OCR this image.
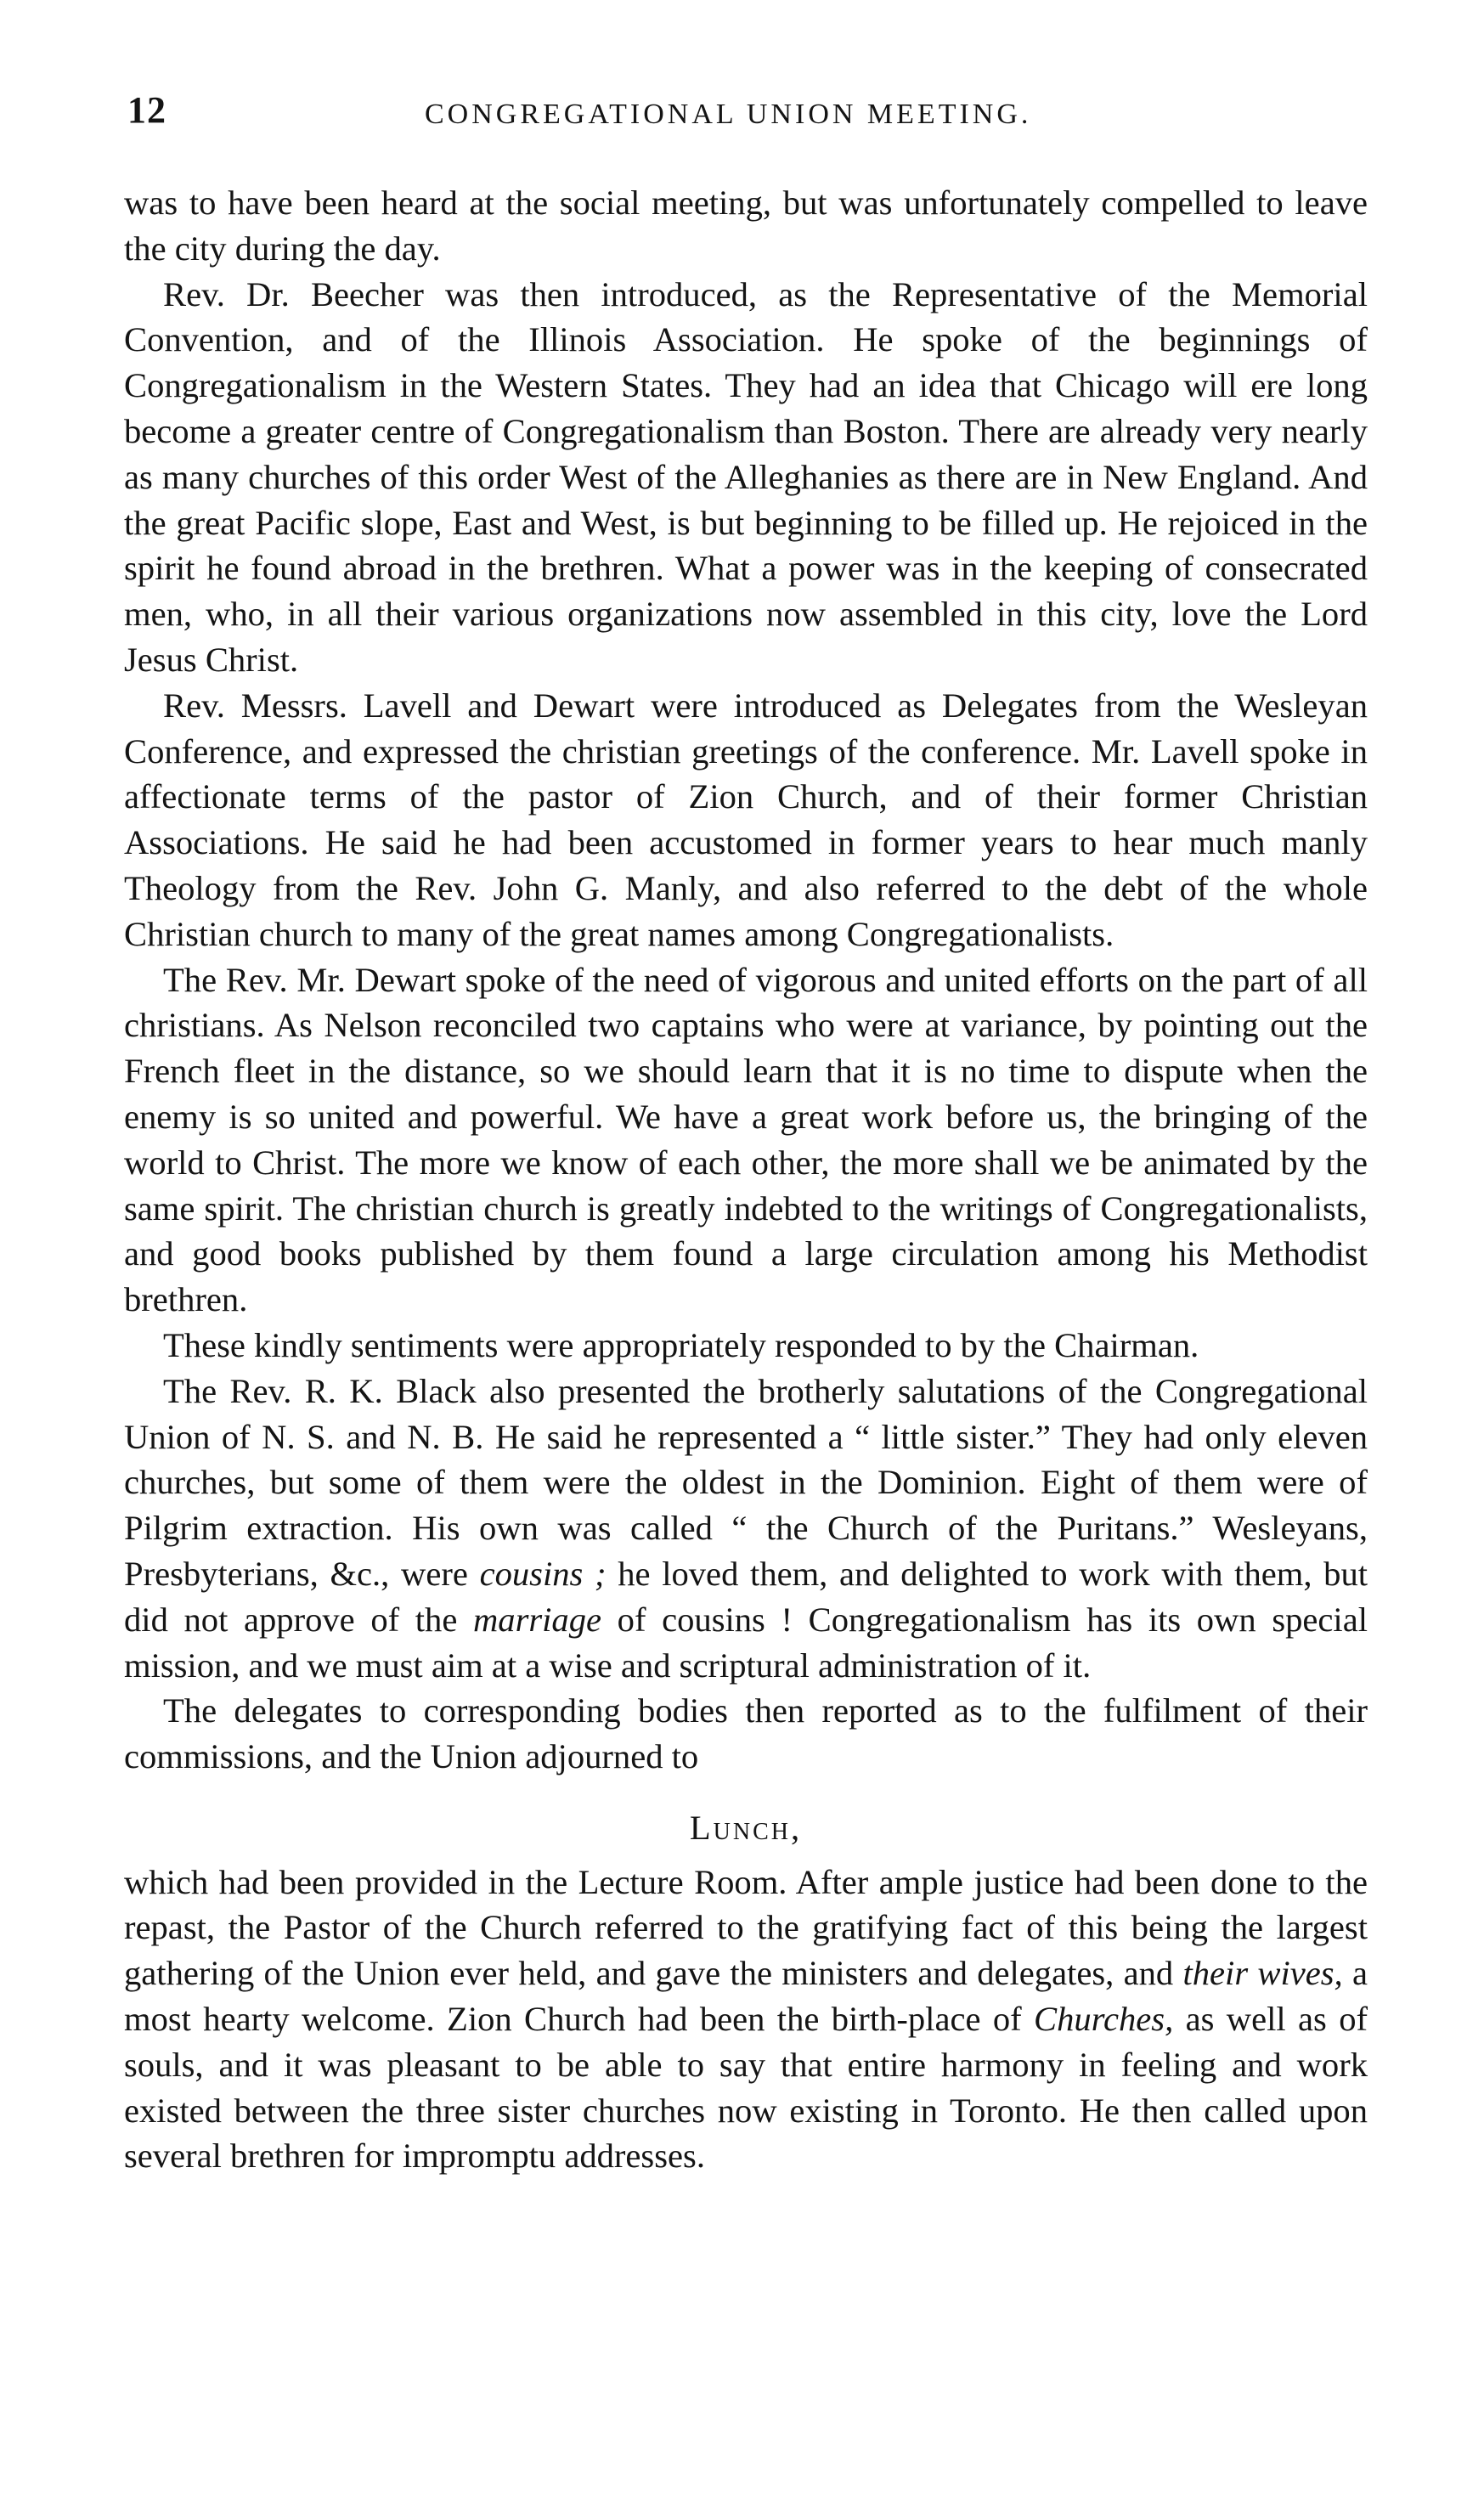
12	CONGREGATIONAL UNION MEETING.

was to have been heard at the social meeting, but was unfortunately compelled to leave the city during the day.

Rev. Dr. Beecher was then introduced, as the Representative of the Memorial Convention, and of the Illinois Association. He spoke of the beginnings of Congregationalism in the Western States. They had an idea that Chicago will ere long become a greater centre of Congregationalism than Boston. There are already very nearly as many churches of this order West of the Alleghanies as there are in New England. And the great Pacific slope, East and West, is but beginning to be filled up. He rejoiced in the spirit he found abroad in the brethren. What a power was in the keeping of consecrated men, who, in all their various organizations now assembled in this city, love the Lord Jesus Christ.

Rev. Messrs. Lavell and Dewart were introduced as Delegates from the Wesleyan Conference, and expressed the christian greetings of the conference. Mr. Lavell spoke in affectionate terms of the pastor of Zion Church, and of their former Christian Associations. He said he had been accustomed in former years to hear much manly Theology from the Rev. John G. Manly, and also referred to the debt of the whole Christian church to many of the great names among Congregationalists.

The Rev. Mr. Dewart spoke of the need of vigorous and united efforts on the part of all christians. As Nelson reconciled two captains who were at variance, by pointing out the French fleet in the distance, so we should learn that it is no time to dispute when the enemy is so united and powerful. We have a great work before us, the bringing of the world to Christ. The more we know of each other, the more shall we be animated by the same spirit. The christian church is greatly indebted to the writings of Congregationalists, and good books published by them found a large circulation among his Methodist brethren.

These kindly sentiments were appropriately responded to by the Chairman.

The Rev. R. K. Black also presented the brotherly salutations of the Congregational Union of N. S. and N. B. He said he represented a “ little sister.” They had only eleven churches, but some of them were the oldest in the Dominion. Eight of them were of Pilgrim extraction. His own was called “ the Church of the Puritans.” Wesleyans, Presbyterians, &c., were cousins ; he loved them, and delighted to work with them, but did not approve of the marriage of cousins ! Congregationalism has its own special mission, and we must aim at a wise and scriptural administration of it.

The delegates to corresponding bodies then reported as to the fulfilment of their commissions, and the Union adjourned to

Lunch,

which had been provided in the Lecture Room. After ample justice had been done to the repast, the Pastor of the Church referred to the gratifying fact of this being the largest gathering of the Union ever held, and gave the ministers and delegates, and their wives, a most hearty welcome. Zion Church had been the birth-place of Churches, as well as of souls, and it was pleasant to be able to say that entire harmony in feeling and work existed between the three sister churches now existing in Toronto. He then called upon several brethren for impromptu addresses.
